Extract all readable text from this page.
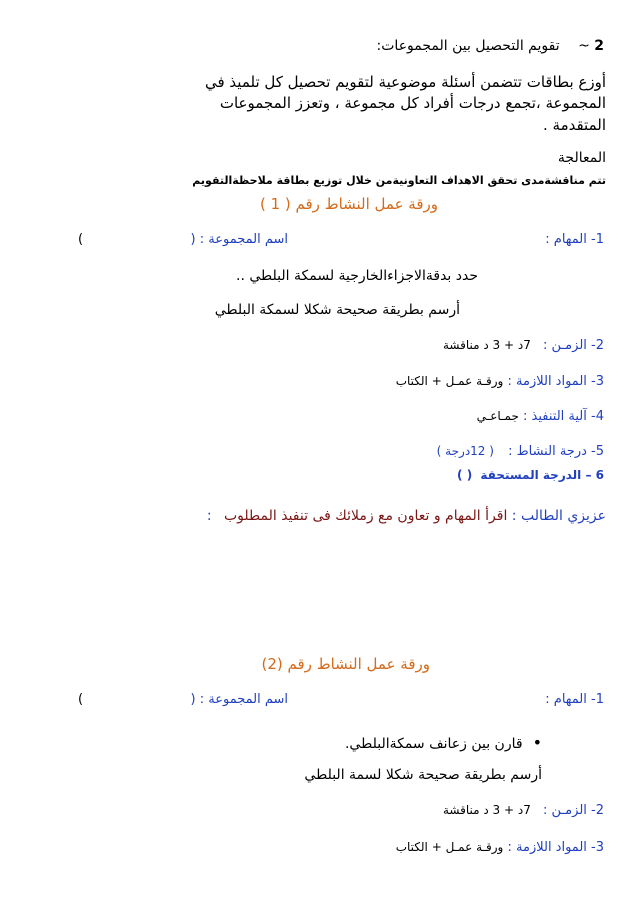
2 ~ تقويم التحصيل بين المجموعات:
أوزع بطاقات تتضمن أسئلة موضوعية لتقويم تحصيل كل تلميذ في
المجموعة ،تجمع درجات أفراد كل مجموعة ، وتعزز المجموعات
المتقدمة .
المعالجة
تتم مناقشةمدى تحقق الاهداف التعاونيةمن خلال توزيع بطاقة ملاحظةالتقويم
ورقة عمل النشاط رقم ( 1 )
1- المهام :
اسم المجموعة : (
)
حدد بدقةالاجزاءالخارجية لسمكة البلطي ..
أرسم بطريقة صحيحة شكلا لسمكة البلطي
2- الزمـن : 7د + 3 د مناقشة
3- المواد اللازمة : ورقـة عمـل + الكتاب
4- آلية التنفيذ : جمـاعـي
5- درجة النشاط : ( 12درجة )
6 – الدرجة المستحقة ( )
عزيزي الطالب : اقرأ المهام و تعاون مع زملائك فى تنفيذ المطلوب :
ورقة عمل النشاط رقم (2)
1- المهام :
اسم المجموعة : (
)
• قارن بين زعانف سمكةالبلطي.
أرسم بطريقة صحيحة شكلا لسمة البلطي
2- الزمـن : 7د + 3 د مناقشة
3- المواد اللازمة : ورقـة عمـل + الكتاب
